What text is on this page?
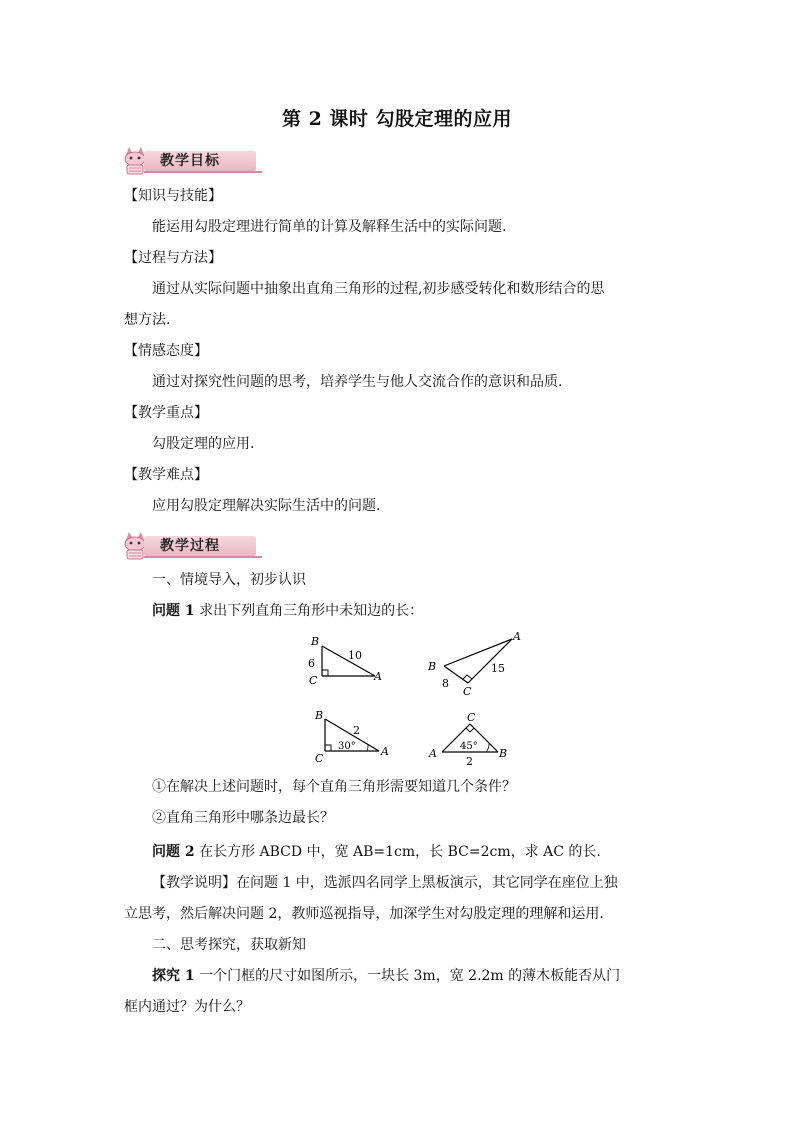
第 2 课时 勾股定理的应用
教学目标
【知识与技能】
能运用勾股定理进行简单的计算及解释生活中的实际问题.
【过程与方法】
通过从实际问题中抽象出直角三角形的过程,初步感受转化和数形结合的思
想方法.
【情感态度】
通过对探究性问题的思考，培养学生与他人交流合作的意识和品质.
【教学重点】
勾股定理的应用.
【教学难点】
应用勾股定理解决实际生活中的问题.
教学过程
一、情境导入，初步认识
问题 1 求出下列直角三角形中未知边的长：
B
C	A
6
10
A
B
C
8
15
B
C
A
2
30°
A	B
C
45°
2
①在解决上述问题时，每个直角三角形需要知道几个条件？
②直角三角形中哪条边最长？
问题 2 在长方形 ABCD 中，宽 AB=1cm，长 BC=2cm，求 AC 的长.
【教学说明】在问题 1 中，选派四名同学上黑板演示，其它同学在座位上独
立思考，然后解决问题 2，教师巡视指导，加深学生对勾股定理的理解和运用.
二、思考探究，获取新知
探究 1 一个门框的尺寸如图所示，一块长 3m，宽 2.2m 的薄木板能否从门
框内通过？为什么？
